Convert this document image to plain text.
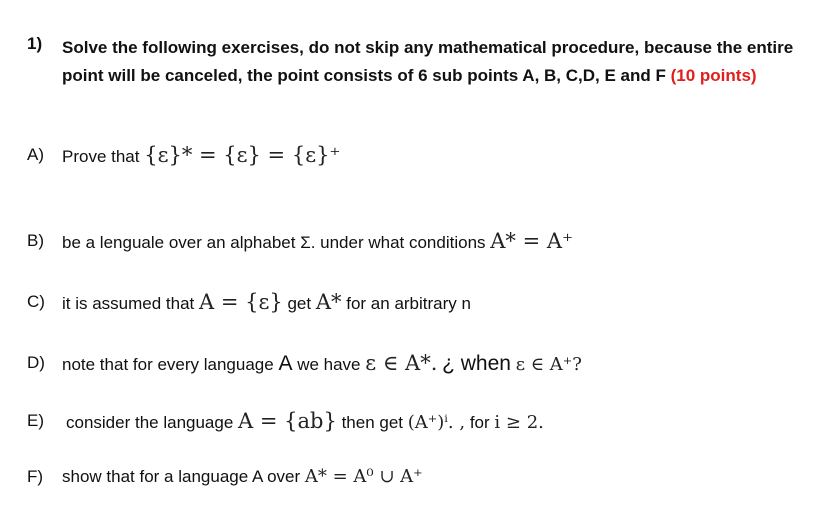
1) Solve the following exercises, do not skip any mathematical procedure, because the entire point will be canceled, the point consists of 6 sub points A, B, C,D, E and F (10 points)
A) Prove that {ε}* = {ε} = {ε}⁺
B) be a lenguale over an alphabet Σ. under what conditions A* = A⁺
C) it is assumed that A = {ε} get A* for an arbitrary n
D) note that for every language A we have ε ∈ A*. ¿ when ε ∈ A⁺?
E) consider the language A = {ab} then get (A⁺)ⁱ. , for i ≥ 2.
F) show that for a language A over A* = A⁰ ∪ A⁺
